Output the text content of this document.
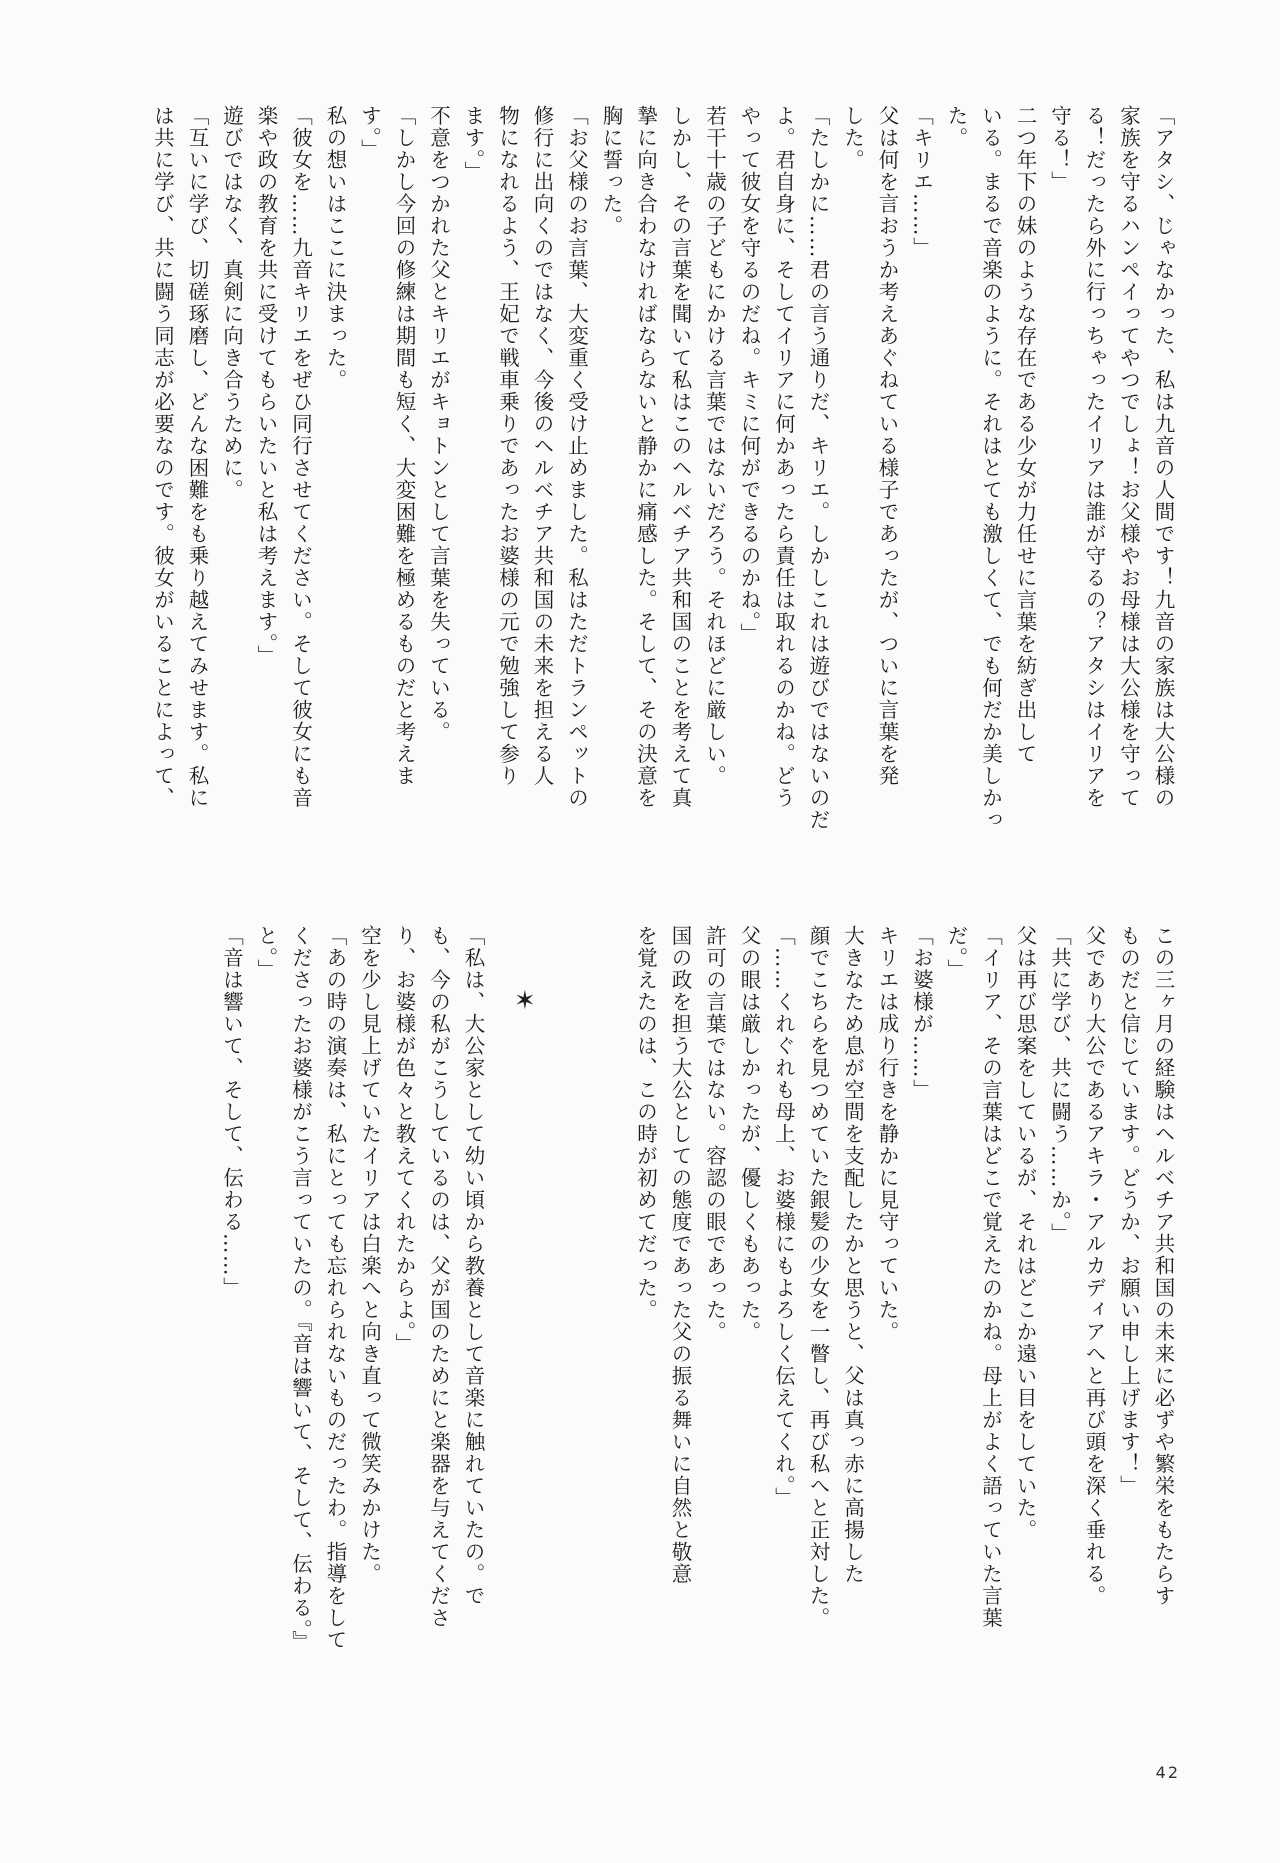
「アタシ、じゃなかった、私は九音の人間です！九音の家族は大公様の

家族を守るハンペイってやつでしょ！お父様やお母様は大公様を守って

る！だったら外に行っちゃったイリアは誰が守るの？アタシはイリアを

守る！」

二つ年下の妹のような存在である少女が力任せに言葉を紡ぎ出して

いる。まるで音楽のように。それはとても激しくて、でも何だか美しかっ

た。

「キリエ……」

父は何を言おうか考えあぐねている様子であったが、ついに言葉を発

した。

「たしかに……君の言う通りだ、キリエ。しかしこれは遊びではないのだ

よ。君自身に、そしてイリアに何かあったら責任は取れるのかね。どう

やって彼女を守るのだね。キミに何ができるのかね。」

若干十歳の子どもにかける言葉ではないだろう。それほどに厳しい。

しかし、その言葉を聞いて私はこのヘルベチア共和国のことを考えて真

摯に向き合わなければならないと静かに痛感した。そして、その決意を

胸に誓った。

「お父様のお言葉、大変重く受け止めました。私はただトランペットの

修行に出向くのではなく、今後のヘルベチア共和国の未来を担える人

物になれるよう、王妃で戦車乗りであったお婆様の元で勉強して参り

ます。」

不意をつかれた父とキリエがキョトンとして言葉を失っている。

「しかし今回の修練は期間も短く、大変困難を極めるものだと考えま

す。」

私の想いはここに決まった。

「彼女を……九音キリエをぜひ同行させてください。そして彼女にも音

楽や政の教育を共に受けてもらいたいと私は考えます。」

遊びではなく、真剣に向き合うために。

「互いに学び、切磋琢磨し、どんな困難をも乗り越えてみせます。私に

は共に学び、共に闘う同志が必要なのです。彼女がいることによって、

この三ヶ月の経験はヘルベチア共和国の未来に必ずや繁栄をもたらす

ものだと信じています。どうか、お願い申し上げます！」

父であり大公であるアキラ・アルカディアへと再び頭を深く垂れる。

「共に学び、共に闘う……か。」

父は再び思案をしているが、それはどこか遠い目をしていた。

「イリア、その言葉はどこで覚えたのかね。母上がよく語っていた言葉

だ。」

「お婆様が……」

キリエは成り行きを静かに見守っていた。

大きなため息が空間を支配したかと思うと、父は真っ赤に高揚した

顔でこちらを見つめていた銀髪の少女を一瞥し、再び私へと正対した。

「……くれぐれも母上、お婆様にもよろしく伝えてくれ。」

父の眼は厳しかったが、優しくもあった。

許可の言葉ではない。容認の眼であった。

国の政を担う大公としての態度であった父の振る舞いに自然と敬意

を覚えたのは、この時が初めてだった。

「私は、大公家として幼い頃から教養として音楽に触れていたの。で

も、今の私がこうしているのは、父が国のためにと楽器を与えてくださ

り、お婆様が色々と教えてくれたからよ。」

空を少し見上げていたイリアは白楽へと向き直って微笑みかけた。

「あの時の演奏は、私にとっても忘れられないものだったわ。指導をして

くださったお婆様がこう言っていたの。『音は響いて、そして、伝わる。』

と。」

「音は響いて、そして、伝わる……」	✶
42
